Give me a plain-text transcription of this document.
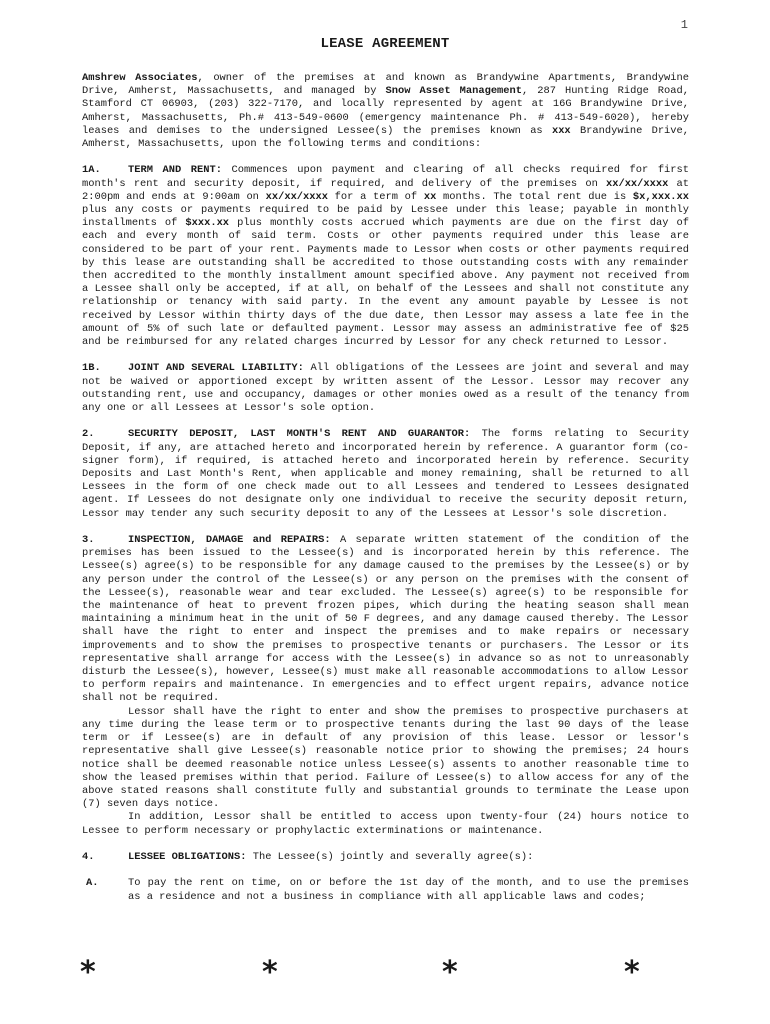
1
LEASE AGREEMENT

Amshrew Associates, owner of the premises at and known as Brandywine Apartments, Brandywine Drive, Amherst, Massachusetts, and managed by Snow Asset Management, 287 Hunting Ridge Road, Stamford CT 06903, (203) 322-7170, and locally represented by agent at 16G Brandywine Drive, Amherst, Massachusetts, Ph.# 413-549-0600 (emergency maintenance Ph. # 413-549-6020), hereby leases and demises to the undersigned Lessee(s) the premises known as xxx Brandywine Drive, Amherst, Massachusetts, upon the following terms and conditions:

1A.	TERM AND RENT: Commences upon payment and clearing of all checks required for first month's rent and security deposit, if required, and delivery of the premises on xx/xx/xxxx at 2:00pm and ends at 9:00am on xx/xx/xxxx for a term of xx months. The total rent due is $x,xxx.xx plus any costs or payments required to be paid by Lessee under this lease; payable in monthly installments of $xxx.xx plus monthly costs accrued which payments are due on the first day of each and every month of said term. Costs or other payments required under this lease are considered to be part of your rent. Payments made to Lessor when costs or other payments required by this lease are outstanding shall be accredited to those outstanding costs with any remainder then accredited to the monthly installment amount specified above. Any payment not received from a Lessee shall only be accepted, if at all, on behalf of the Lessees and shall not constitute any relationship or tenancy with said party. In the event any amount payable by Lessee is not received by Lessor within thirty days of the due date, then Lessor may assess a late fee in the amount of 5% of such late or defaulted payment. Lessor may assess an administrative fee of $25 and be reimbursed for any related charges incurred by Lessor for any check returned to Lessor.

1B.	JOINT AND SEVERAL LIABILITY: All obligations of the Lessees are joint and several and may not be waived or apportioned except by written assent of the Lessor. Lessor may recover any outstanding rent, use and occupancy, damages or other monies owed as a result of the tenancy from any one or all Lessees at Lessor's sole option.

2.	SECURITY DEPOSIT, LAST MONTH'S RENT AND GUARANTOR: The forms relating to Security Deposit, if any, are attached hereto and incorporated herein by reference. A guarantor form (co-signer form), if required, is attached hereto and incorporated herein by reference. Security Deposits and Last Month's Rent, when applicable and money remaining, shall be returned to all Lessees in the form of one check made out to all Lessees and tendered to Lessees designated agent. If Lessees do not designate only one individual to receive the security deposit return, Lessor may tender any such security deposit to any of the Lessees at Lessor's sole discretion.

3.	INSPECTION, DAMAGE and REPAIRS: A separate written statement of the condition of the premises has been issued to the Lessee(s) and is incorporated herein by this reference. The Lessee(s) agree(s) to be responsible for any damage caused to the premises by the Lessee(s) or by any person under the control of the Lessee(s) or any person on the premises with the consent of the Lessee(s), reasonable wear and tear excluded. The Lessee(s) agree(s) to be responsible for the maintenance of heat to prevent frozen pipes, which during the heating season shall mean maintaining a minimum heat in the unit of 50 F degrees, and any damage caused thereby. The Lessor shall have the right to enter and inspect the premises and to make repairs or necessary improvements and to show the premises to prospective tenants or purchasers. The Lessor or its representative shall arrange for access with the Lessee(s) in advance so as not to unreasonably disturb the Lessee(s), however, Lessee(s) must make all reasonable accommodations to allow Lessor to perform repairs and maintenance. In emergencies and to effect urgent repairs, advance notice shall not be required.

Lessor shall have the right to enter and show the premises to prospective purchasers at any time during the lease term or to prospective tenants during the last 90 days of the lease term or if Lessee(s) are in default of any provision of this lease. Lessor or lessor's representative shall give Lessee(s) reasonable notice prior to showing the premises; 24 hours notice shall be deemed reasonable notice unless Lessee(s) assents to another reasonable time to show the leased premises within that period. Failure of Lessee(s) to allow access for any of the above stated reasons shall constitute fully and substantial grounds to terminate the Lease upon (7) seven days notice.

In addition, Lessor shall be entitled to access upon twenty-four (24) hours notice to Lessee to perform necessary or prophylactic exterminations or maintenance.

4.	LESSEE OBLIGATIONS: The Lessee(s) jointly and severally agree(s):

A.	To pay the rent on time, on or before the 1st day of the month, and to use the premises as a residence and not a business in compliance with all applicable laws and codes;
*	*	*	*
